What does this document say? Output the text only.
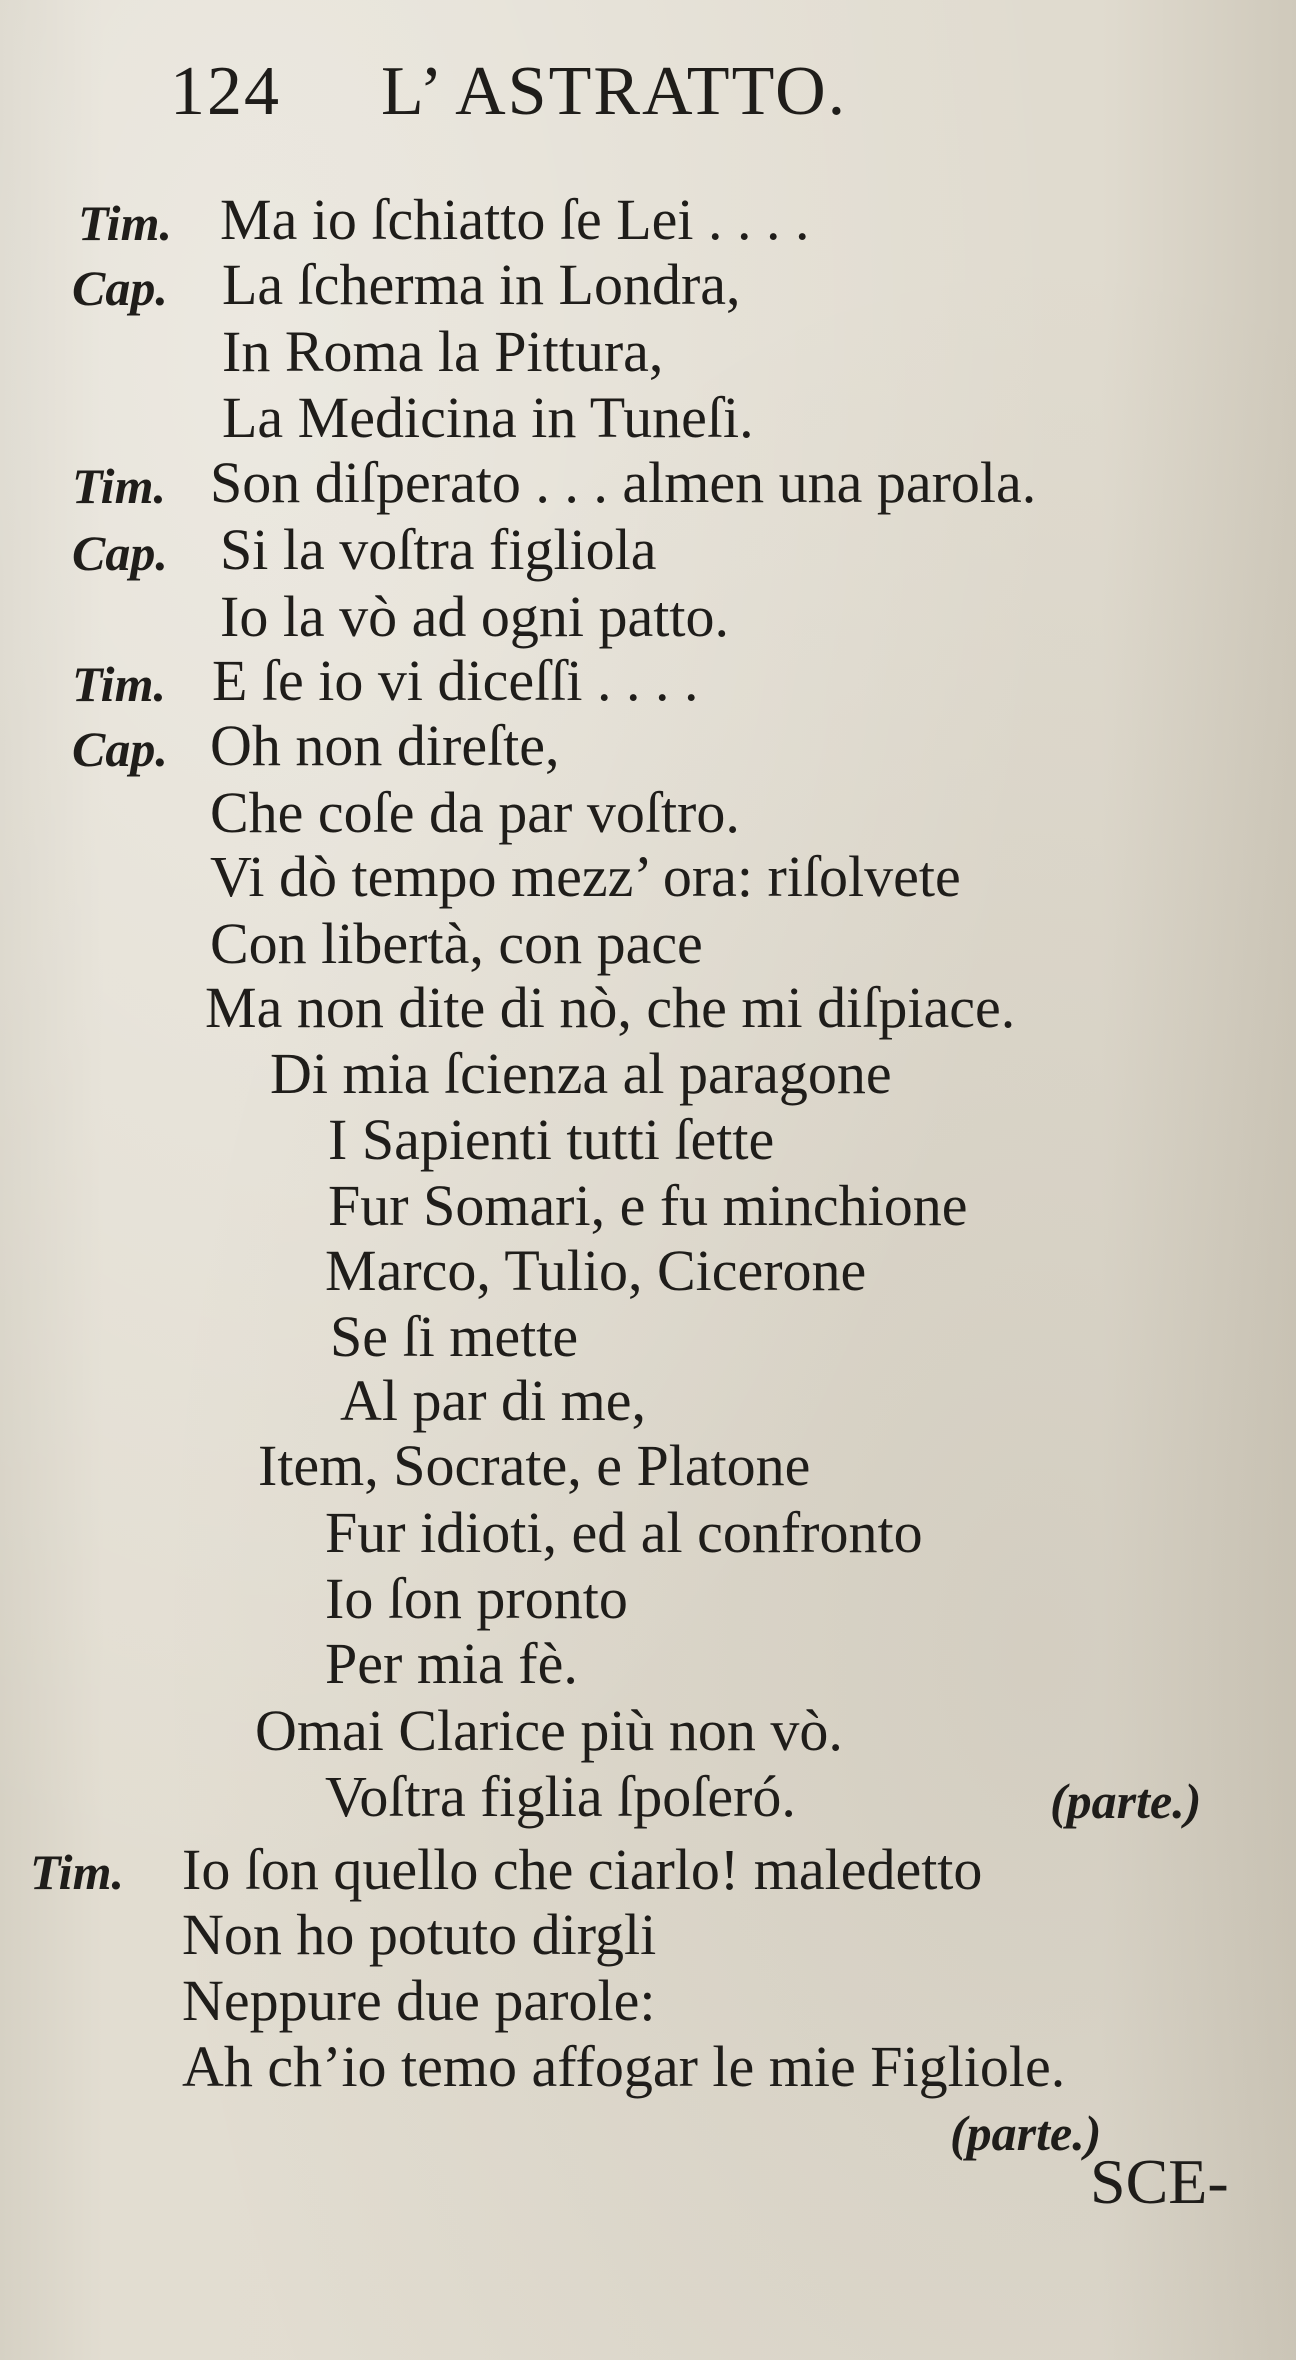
124 L’ ASTRATTO.
Tim.
Cap.
Tim.
Cap.
Tim.
Cap.
Tim.
Ma io ſchiatto ſe Lei . . . .
La ſcherma in Londra,
In Roma la Pittura,
La Medicina in Tuneſi.
Son diſperato . . . almen una parola.
Si la voſtra figliola
Io la vò ad ogni patto.
E ſe io vi diceſſi . . . .
Oh non direſte,
Che coſe da par voſtro.
Vi dò tempo mezz’ ora: riſolvete
Con libertà, con pace
Ma non dite di nò, che mi diſpiace.
Di mia ſcienza al paragone
I Sapienti tutti ſette
Fur Somari, e fu minchione
Marco, Tulio, Cicerone
Se ſi mette
Al par di me,
Item, Socrate, e Platone
Fur idioti, ed al confronto
Io ſon pronto
Per mia fè.
Omai Clarice più non vò.
Voſtra figlia ſpoſeró.
Io ſon quello che ciarlo! maledetto
Non ho potuto dirgli
Neppure due parole:
Ah ch’io temo affogar le mie Figliole.
(parte.)
(parte.)
SCE-
